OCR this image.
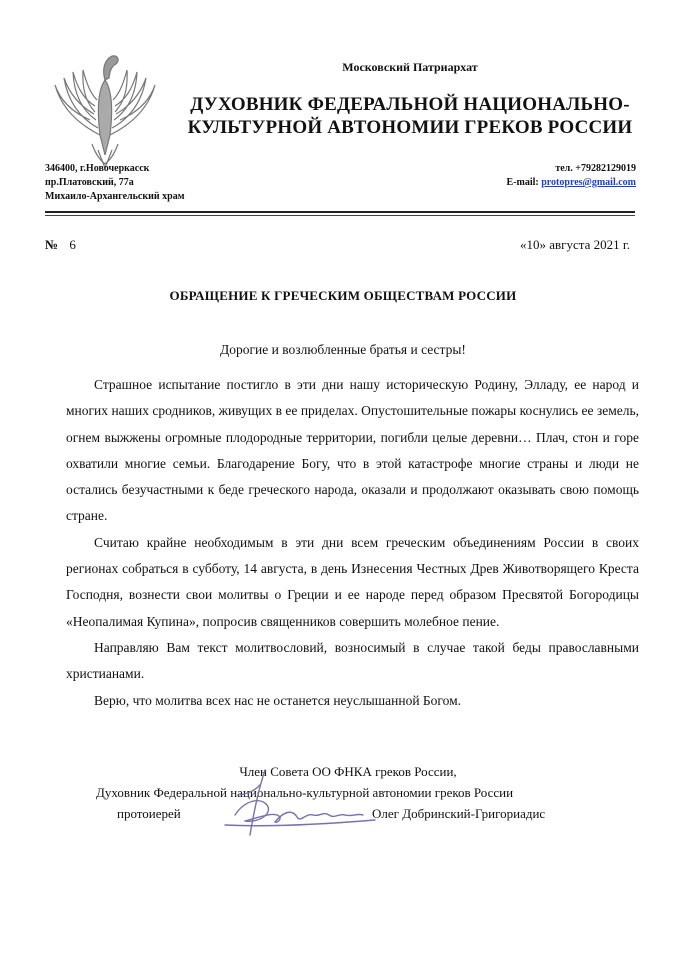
Московский Патриархат
ДУХОВНИК ФЕДЕРАЛЬНОЙ НАЦИОНАЛЬНО-
КУЛЬТУРНОЙ АВТОНОМИИ ГРЕКОВ РОССИИ
346400, г.Новочеркасск
пр.Платовский, 77а
Михаило-Архангельский храм
тел. +79282129019
E-mail: protopres@gmail.com
№ 6	«10» августа 2021 г.
ОБРАЩЕНИЕ К ГРЕЧЕСКИМ ОБЩЕСТВАМ РОССИИ
Дорогие и возлюбленные братья и сестры!

Страшное испытание постигло в эти дни нашу историческую Родину, Элладу, ее народ и многих наших сродников, живущих в ее приделах. Опустошительные пожары коснулись ее земель, огнем выжжены огромные плодородные территории, погибли целые деревни… Плач, стон и горе охватили многие семьи. Благодарение Богу, что в этой катастрофе многие страны и люди не остались безучастными к беде греческого народа, оказали и продолжают оказывать свою помощь стране.

Считаю крайне необходимым в эти дни всем греческим объединениям России в своих регионах собраться в субботу, 14 августа, в день Изнесения Честных Древ Животворящего Креста Господня, вознести свои молитвы о Греции и ее народе перед образом Пресвятой Богородицы «Неопалимая Купина», попросив священников совершить молебное пение.

Направляю Вам текст молитвословий, возносимый в случае такой беды православными христианами.

Верю, что молитва всех нас не останется неуслышанной Богом.

Член Совета ОО ФНКА греков России,
Духовник Федеральной национально-культурной автономии греков России
протоиерей	Олег Добринский-Григориадис
